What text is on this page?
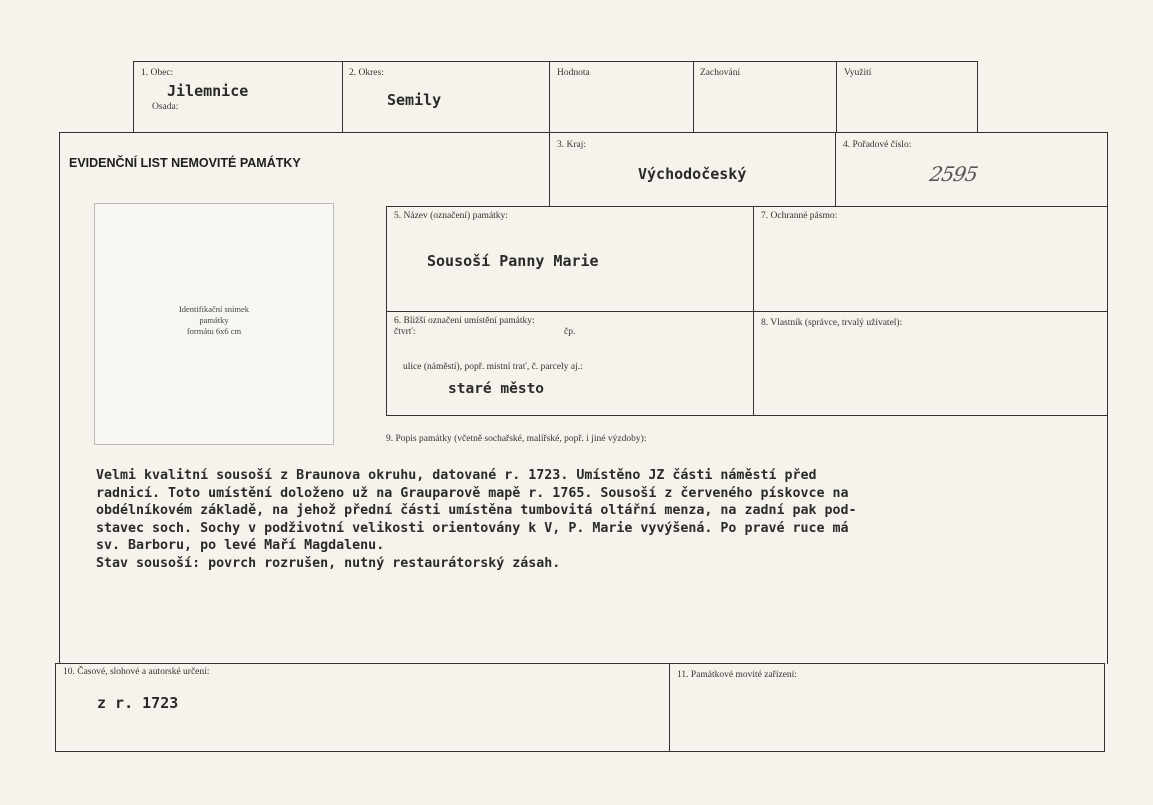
1. Obec:
Jilemnice
Osada:
2. Okres:
Semily
Hodnota	Zachování	Využití
EVIDENČNÍ LIST NEMOVITÉ PAMÁTKY
3. Kraj:
Východočeský
4. Pořadové číslo:
2595
Identifikační snímek
památky
formátu 6x6 cm
5. Název (označení) památky:
Sousoší Panny Marie
7. Ochranné pásmo:
6. Bližší označení umístění památky:
čtvrť:	čp.
ulice (náměstí), popř. místní trať, č. parcely aj.:
staré město
8. Vlastník (správce, trvalý uživatel):
9. Popis památky (včetně sochařské, malířské, popř. i jiné výzdoby):

Velmi kvalitní sousoší z Braunova okruhu, datované r. 1723. Umístěno JZ části náměstí před

radnicí. Toto umístění doloženo už na Grauparově mapě r. 1765. Sousoší z červeného pískovce na

obdélníkovém základě, na jehož přední části umístěna tumbovitá oltářní menza, na zadní pak pod-

stavec soch. Sochy v podživotní velikosti orientovány k V, P. Marie vyvýšená. Po pravé ruce má

sv. Barboru, po levé Maří Magdalenu.

Stav sousoší: povrch rozrušen, nutný restaurátorský zásah.

10. Časové, slohové a autorské určení:
z r. 1723
11. Památkové movité zařízení:
